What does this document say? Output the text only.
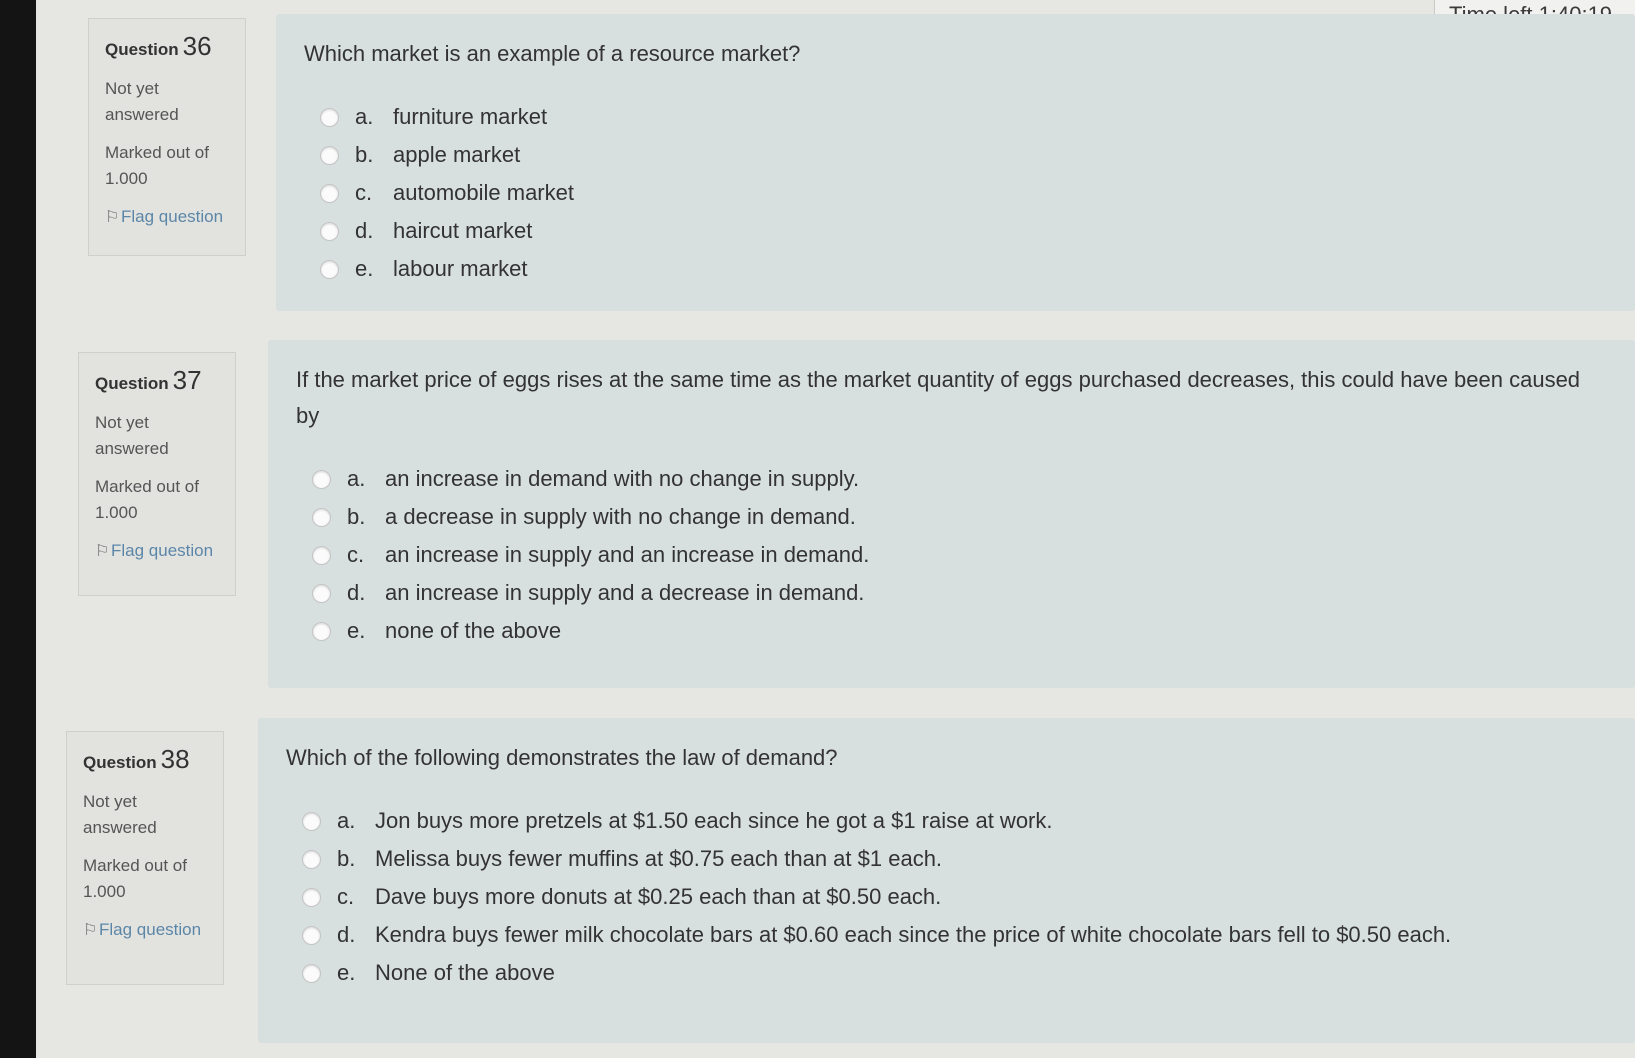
Question 36
Not yet answered
Marked out of 1.000
⚐Flag question
Which market is an example of a resource market?
a. furniture market
b. apple market
c. automobile market
d. haircut market
e. labour market
Question 37
Not yet answered
Marked out of 1.000
⚐Flag question
If the market price of eggs rises at the same time as the market quantity of eggs purchased decreases, this could have been caused by
a. an increase in demand with no change in supply.
b. a decrease in supply with no change in demand.
c. an increase in supply and an increase in demand.
d. an increase in supply and a decrease in demand.
e. none of the above
Question 38
Not yet answered
Marked out of 1.000
⚐Flag question
Which of the following demonstrates the law of demand?
a. Jon buys more pretzels at $1.50 each since he got a $1 raise at work.
b. Melissa buys fewer muffins at $0.75 each than at $1 each.
c. Dave buys more donuts at $0.25 each than at $0.50 each.
d. Kendra buys fewer milk chocolate bars at $0.60 each since the price of white chocolate bars fell to $0.50 each.
e. None of the above
